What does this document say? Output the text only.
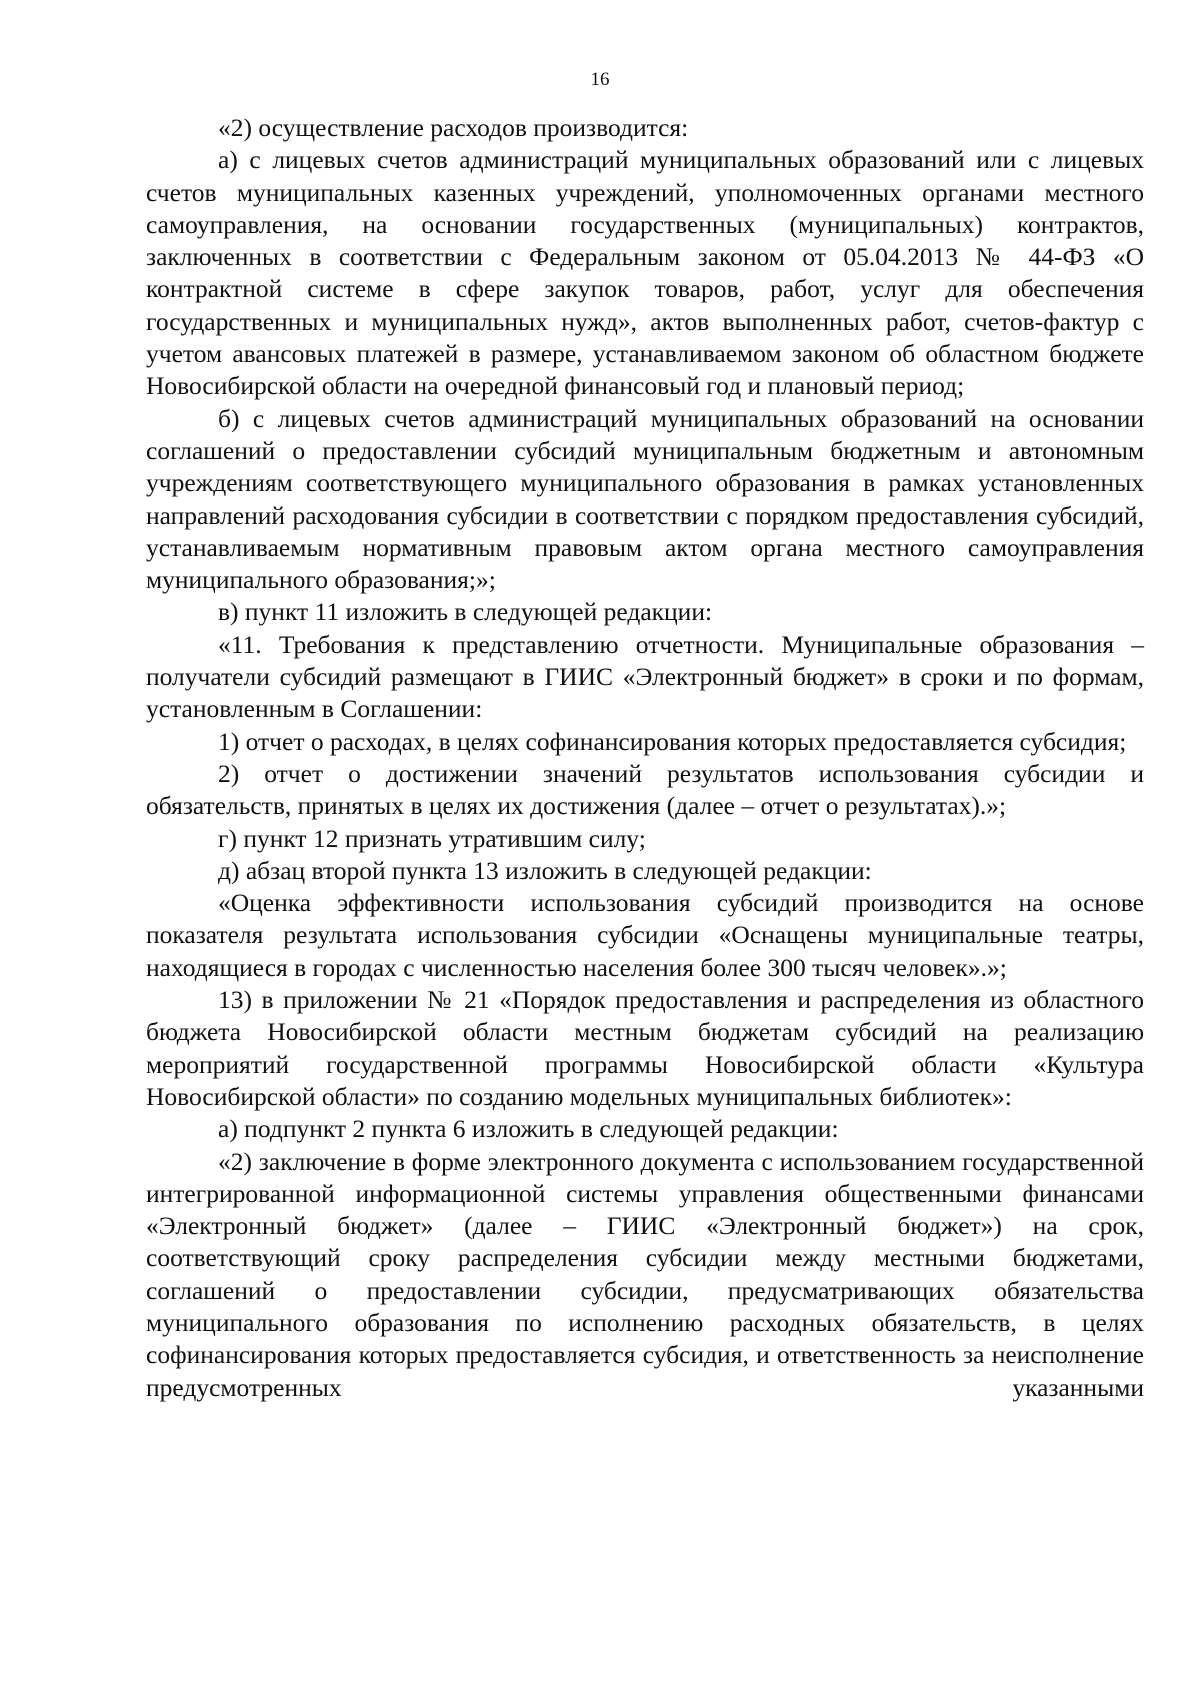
16

«2) осуществление расходов производится:

а) с лицевых счетов администраций муниципальных образований или с лицевых счетов муниципальных казенных учреждений, уполномоченных органами местного самоуправления, на основании государственных (муниципальных) контрактов, заключенных в соответствии с Федеральным законом от 05.04.2013 № 44-ФЗ «О контрактной системе в сфере закупок товаров, работ, услуг для обеспечения государственных и муниципальных нужд», актов выполненных работ, счетов-фактур с учетом авансовых платежей в размере, устанавливаемом законом об областном бюджете Новосибирской области на очередной финансовый год и плановый период;

б) с лицевых счетов администраций муниципальных образований на основании соглашений о предоставлении субсидий муниципальным бюджетным и автономным учреждениям соответствующего муниципального образования в рамках установленных направлений расходования субсидии в соответствии с порядком предоставления субсидий, устанавливаемым нормативным правовым актом органа местного самоуправления муниципального образования;»;

в) пункт 11 изложить в следующей редакции:

«11. Требования к представлению отчетности. Муниципальные образования – получатели субсидий размещают в ГИИС «Электронный бюджет» в сроки и по формам, установленным в Соглашении:

1) отчет о расходах, в целях софинансирования которых предоставляется субсидия;

2) отчет о достижении значений результатов использования субсидии и обязательств, принятых в целях их достижения (далее – отчет о результатах).»;

г) пункт 12 признать утратившим силу;

д) абзац второй пункта 13 изложить в следующей редакции:

«Оценка эффективности использования субсидий производится на основе показателя результата использования субсидии «Оснащены муниципальные театры, находящиеся в городах с численностью населения более 300 тысяч человек».»;

13) в приложении № 21 «Порядок предоставления и распределения из областного бюджета Новосибирской области местным бюджетам субсидий на реализацию мероприятий государственной программы Новосибирской области «Культура Новосибирской области» по созданию модельных муниципальных библиотек»:

а) подпункт 2 пункта 6 изложить в следующей редакции:

«2) заключение в форме электронного документа с использованием государственной интегрированной информационной системы управления общественными финансами «Электронный бюджет» (далее – ГИИС «Электронный бюджет») на срок, соответствующий сроку распределения субсидии между местными бюджетами, соглашений о предоставлении субсидии, предусматривающих обязательства муниципального образования по исполнению расходных обязательств, в целях софинансирования которых предоставляется субсидия, и ответственность за неисполнение предусмотренных указанными
